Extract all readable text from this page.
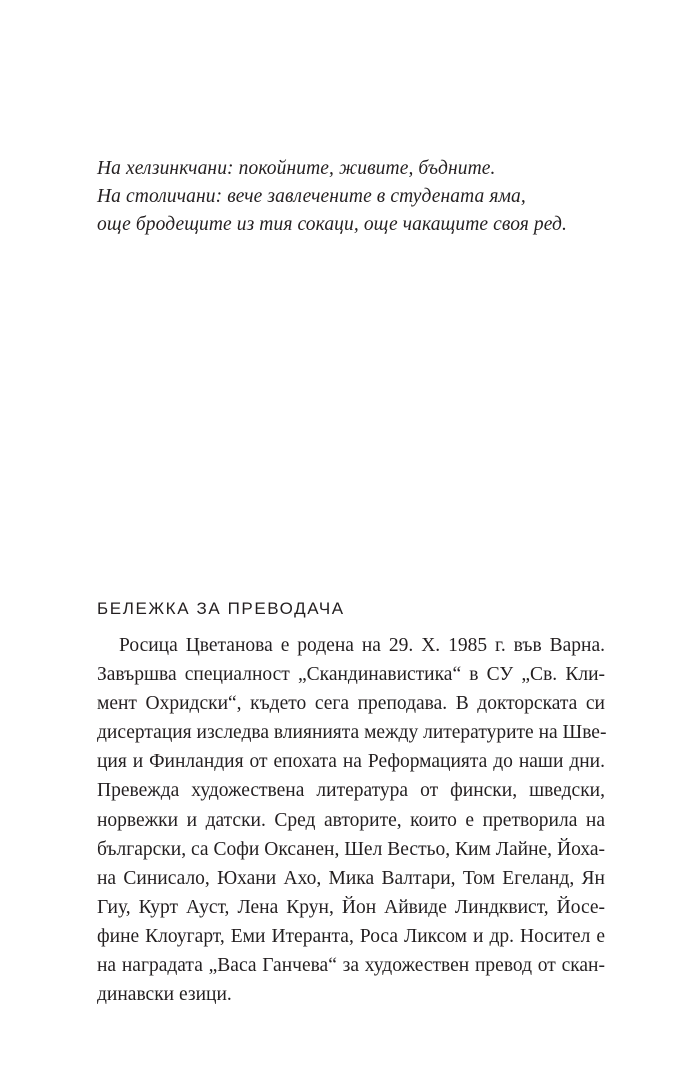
На хелзинкчани: покойните, живите, бъдните.
На столичани: вече завлечените в студената яма,
още бродещите из тия сокаци, още чакащите своя ред.
БЕЛЕЖКА ЗА ПРЕВОДАЧА
Росица Цветанова е родена на 29. X. 1985 г. във Варна.
Завършва специалност „Скандинавистика“ в СУ „Св. Кли-
мент Охридски“, където сега преподава. В докторската си
дисертация изследва влиянията между литературите на Шве-
ция и Финландия от епохата на Реформацията до наши дни.
Превежда художествена литература от фински, шведски,
норвежки и датски. Сред авторите, които е претворила на
български, са Софи Оксанен, Шел Вестьо, Ким Лайне, Йоха-
на Синисало, Юхани Ахо, Мика Валтари, Том Егеланд, Ян
Гиу, Курт Ауст, Лена Крун, Йон Айвиде Линдквист, Йосе-
фине Клоугарт, Еми Итеранта, Роса Ликсом и др. Носител е
на наградата „Васа Ганчева“ за художествен превод от скан-
динавски езици.
